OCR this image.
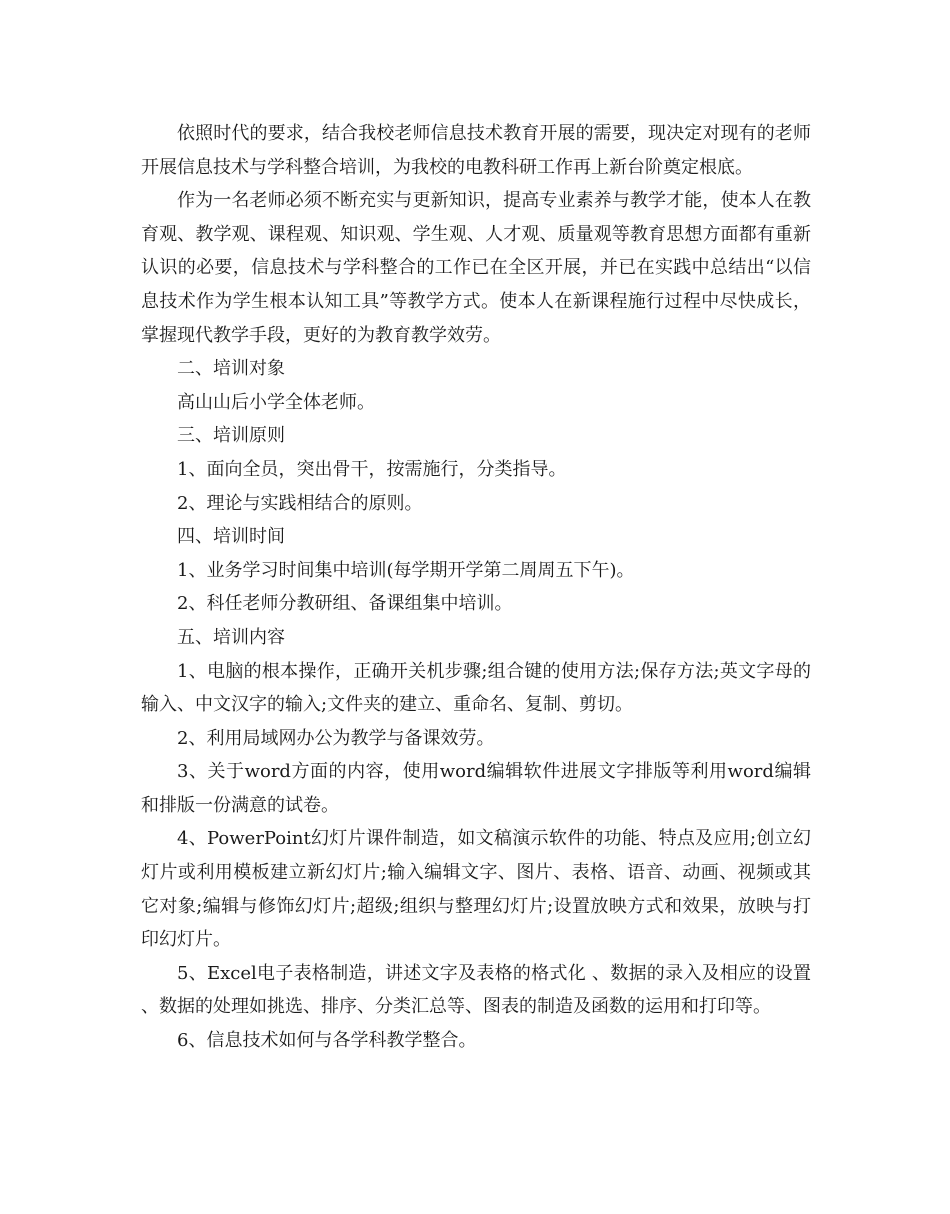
依照时代的要求，结合我校老师信息技术教育开展的需要，现决定对现有的老师开展信息技术与学科整合培训，为我校的电教科研工作再上新台阶奠定根底。

作为一名老师必须不断充实与更新知识，提高专业素养与教学才能，使本人在教育观、教学观、课程观、知识观、学生观、人才观、质量观等教育思想方面都有重新认识的必要，信息技术与学科整合的工作已在全区开展，并已在实践中总结出“以信息技术作为学生根本认知工具”等教学方式。使本人在新课程施行过程中尽快成长，掌握现代教学手段，更好的为教育教学效劳。

二、培训对象

高山山后小学全体老师。

三、培训原则

1、面向全员，突出骨干，按需施行，分类指导。

2、理论与实践相结合的原则。

四、培训时间

1、业务学习时间集中培训(每学期开学第二周周五下午)。

2、科任老师分教研组、备课组集中培训。

五、培训内容

1、电脑的根本操作，正确开关机步骤;组合键的使用方法;保存方法;英文字母的输入、中文汉字的输入;文件夹的建立、重命名、复制、剪切。

2、利用局域网办公为教学与备课效劳。

3、关于word方面的内容，使用word编辑软件进展文字排版等利用word编辑和排版一份满意的试卷。

4、PowerPoint幻灯片课件制造，如文稿演示软件的功能、特点及应用;创立幻灯片或利用模板建立新幻灯片;输入编辑文字、图片、表格、语音、动画、视频或其它对象;编辑与修饰幻灯片;超级;组织与整理幻灯片;设置放映方式和效果，放映与打印幻灯片。

5、Excel电子表格制造，讲述文字及表格的格式化 、数据的录入及相应的设置 、数据的处理如挑选、排序、分类汇总等、图表的制造及函数的运用和打印等。

6、信息技术如何与各学科教学整合。
